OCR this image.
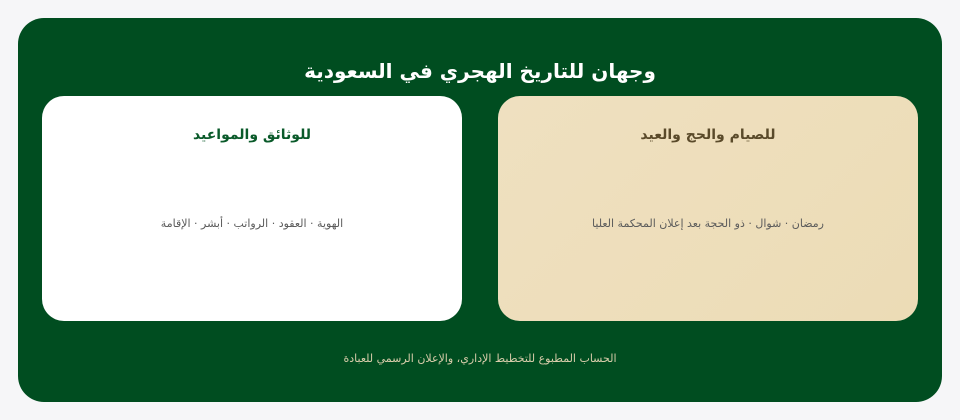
وجهان للتاريخ الهجري في السعودية
للصيام والحج والعيد

رمضان · شوال · ذو الحجة بعد إعلان المحكمة العليا

للوثائق والمواعيد

الهوية · العقود · الرواتب · أبشر · الإقامة

الحساب المطبوع للتخطيط الإداري، والإعلان الرسمي للعبادة
